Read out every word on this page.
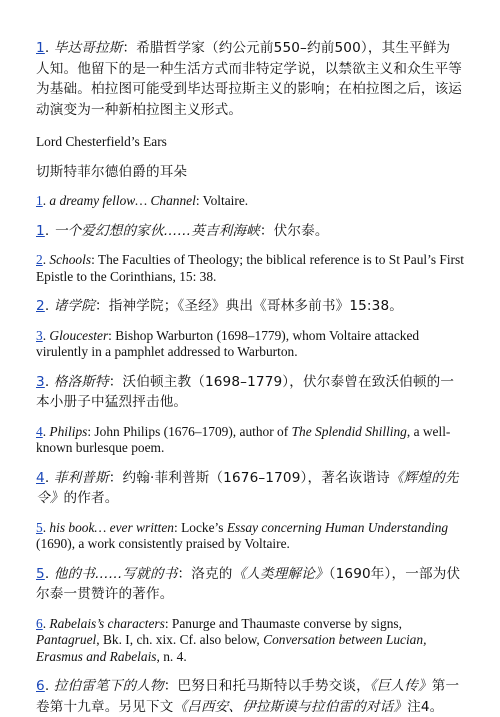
1. 毕达哥拉斯：希腊哲学家（约公元前550–约前500），其生平鲜为人知。他留下的是一种生活方式而非特定学说，以禁欲主义和众生平等为基础。柏拉图可能受到毕达哥拉斯主义的影响；在柏拉图之后，该运动演变为一种新柏拉图主义形式。

Lord Chesterfield’s Ears

切斯特菲尔德伯爵的耳朵

1. a dreamy fellow… Channel: Voltaire.

1. 一个爱幻想的家伙……英吉利海峡：伏尔泰。

2. Schools: The Faculties of Theology; the biblical reference is to St Paul’s First Epistle to the Corinthians, 15: 38.

2. 诸学院：指神学院；《圣经》典出《哥林多前书》15:38。

3. Gloucester: Bishop Warburton (1698–1779), whom Voltaire attacked virulently in a pamphlet addressed to Warburton.

3. 格洛斯特：沃伯顿主教（1698–1779），伏尔泰曾在致沃伯顿的一本小册子中猛烈抨击他。

4. Philips: John Philips (1676–1709), author of The Splendid Shilling, a well-known burlesque poem.

4. 菲利普斯：约翰·菲利普斯（1676–1709），著名诙谐诗《辉煌的先令》的作者。

5. his book… ever written: Locke’s Essay concerning Human Understanding (1690), a work consistently praised by Voltaire.

5. 他的书……写就的书：洛克的《人类理解论》（1690年），一部为伏尔泰一贯赞许的著作。

6. Rabelais’s characters: Panurge and Thaumaste converse by signs, Pantagruel, Bk. I, ch. xix. Cf. also below, Conversation between Lucian, Erasmus and Rabelais, n. 4.

6. 拉伯雷笔下的人物：巴努日和托马斯特以手势交谈，《巨人传》第一卷第十九章。另见下文《吕西安、伊拉斯谟与拉伯雷的对话》注4。
